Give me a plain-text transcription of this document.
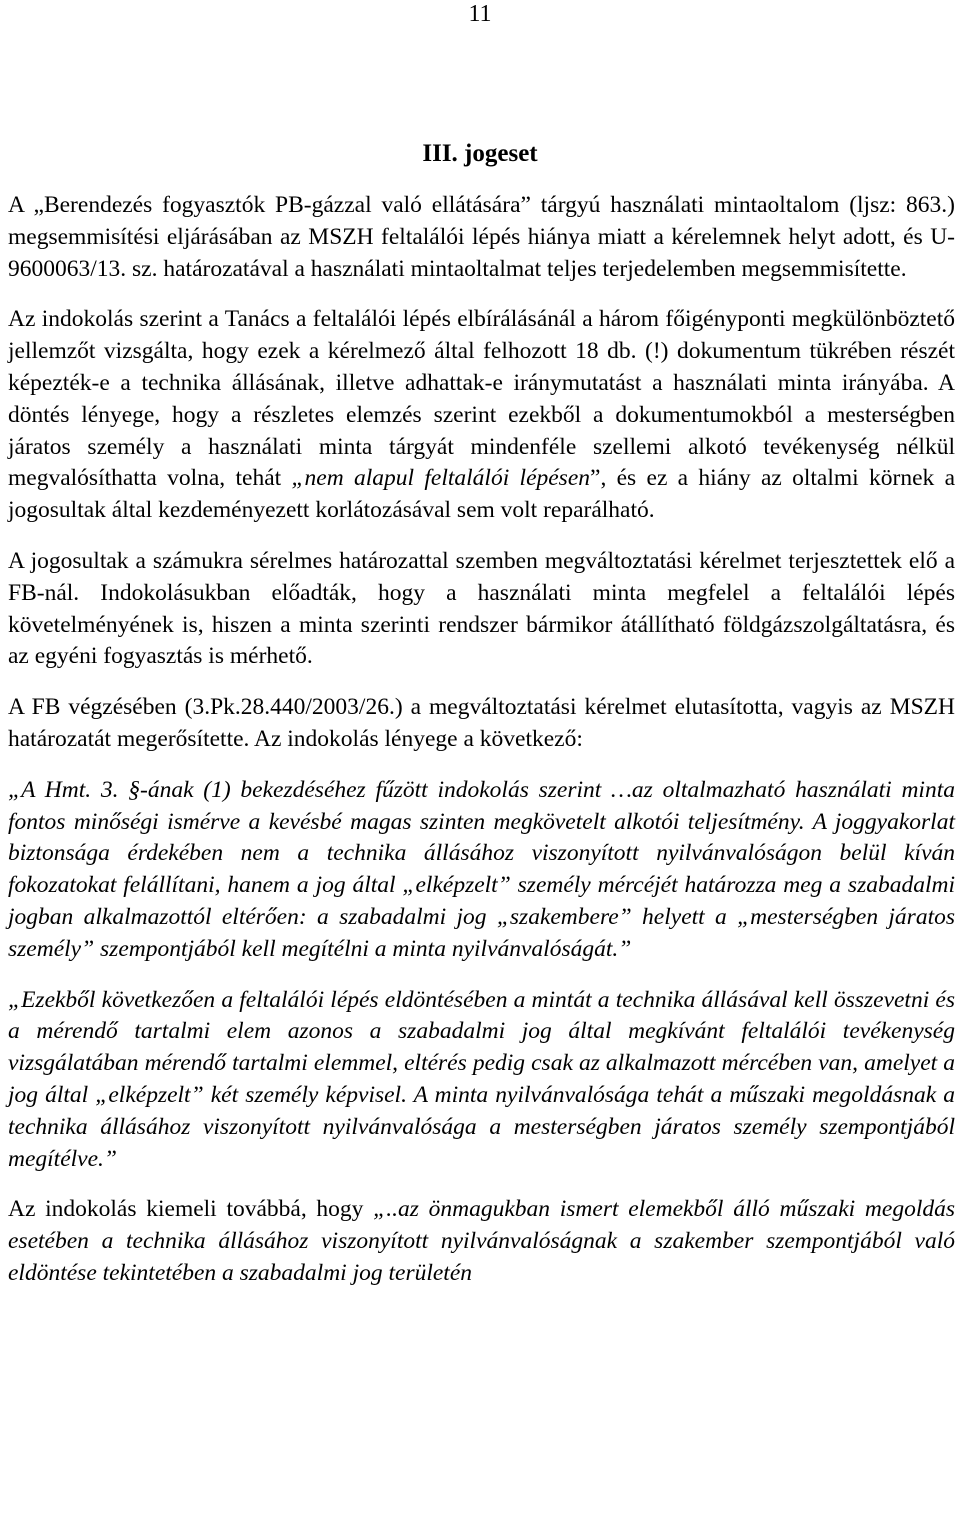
11
III. jogeset

A „Berendezés fogyasztók PB-gázzal való ellátására” tárgyú használati mintaoltalom (ljsz: 863.) megsemmisítési eljárásában az MSZH feltalálói lépés hiánya miatt a kérelemnek helyt adott, és U-9600063/13. sz. határozatával a használati mintaoltalmat teljes terjedelemben megsemmisítette.

Az indokolás szerint a Tanács a feltalálói lépés elbírálásánál a három főigényponti megkülönböztető jellemzőt vizsgálta, hogy ezek a kérelmező által felhozott 18 db. (!) dokumentum tükrében részét képezték-e a technika állásának, illetve adhattak-e iránymutatást a használati minta irányába. A döntés lényege, hogy a részletes elemzés szerint ezekből a dokumentumokból a mesterségben járatos személy a használati minta tárgyát mindenféle szellemi alkotó tevékenység nélkül megvalósíthatta volna, tehát „nem alapul feltalálói lépésen”, és ez a hiány az oltalmi körnek a jogosultak által kezdeményezett korlátozásával sem volt reparálható.

A jogosultak a számukra sérelmes határozattal szemben megváltoztatási kérelmet terjesztettek elő a FB-nál. Indokolásukban előadták, hogy a használati minta megfelel a feltalálói lépés követelményének is, hiszen a minta szerinti rendszer bármikor átállítható földgázszolgáltatásra, és az egyéni fogyasztás is mérhető.

A FB végzésében (3.Pk.28.440/2003/26.) a megváltoztatási kérelmet elutasította, vagyis az MSZH határozatát megerősítette. Az indokolás lényege a következő:

„A Hmt. 3. §-ának (1) bekezdéséhez fűzött indokolás szerint …az oltalmazható használati minta fontos minőségi ismérve a kevésbé magas szinten megkövetelt alkotói teljesítmény. A joggyakorlat biztonsága érdekében nem a technika állásához viszonyított nyilvánvalóságon belül kíván fokozatokat felállítani, hanem a jog által „elképzelt” személy mércéjét határozza meg a szabadalmi jogban alkalmazottól eltérően: a szabadalmi jog „szakembere” helyett a „mesterségben járatos személy” szempontjából kell megítélni a minta nyilvánvalóságát.”

„Ezekből következően a feltalálói lépés eldöntésében a mintát a technika állásával kell összevetni és a mérendő tartalmi elem azonos a szabadalmi jog által megkívánt feltalálói tevékenység vizsgálatában mérendő tartalmi elemmel, eltérés pedig csak az alkalmazott mércében van, amelyet a jog által „elképzelt” két személy képvisel. A minta nyilvánvalósága tehát a műszaki megoldásnak a technika állásához viszonyított nyilvánvalósága a mesterségben járatos személy szempontjából megítélve.”

Az indokolás kiemeli továbbá, hogy „..az önmagukban ismert elemekből álló műszaki megoldás esetében a technika állásához viszonyított nyilvánvalóságnak a szakember szempontjából való eldöntése tekintetében a szabadalmi jog területén
